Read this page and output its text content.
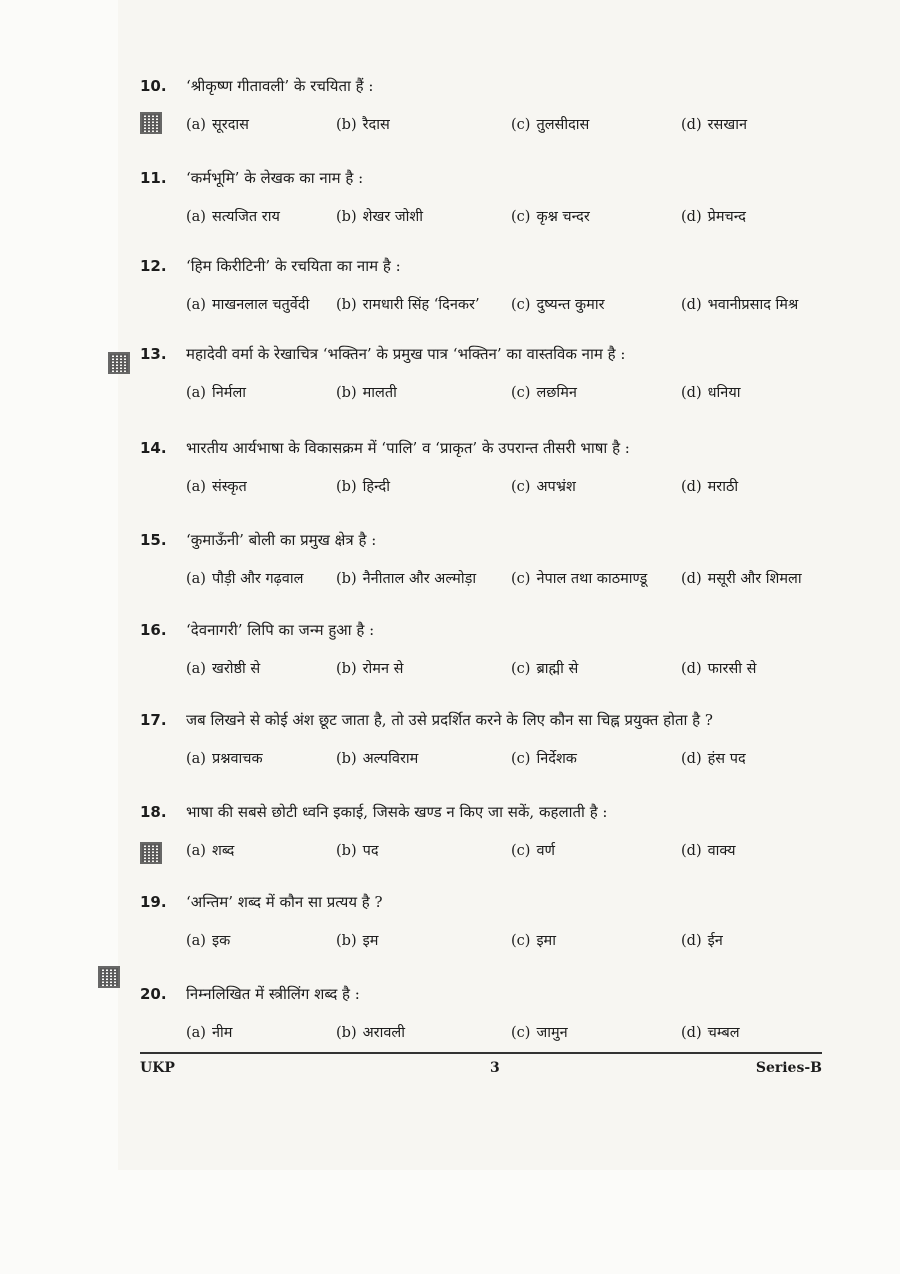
10.	‘श्रीकृष्ण गीतावली’ के रचयिता हैं :
(a) सूरदास	(b) रैदास	(c) तुलसीदास	(d) रसखान
11.	‘कर्मभूमि’ के लेखक का नाम है :
(a) सत्यजित राय	(b) शेखर जोशी	(c) कृश्न चन्दर	(d) प्रेमचन्द
12.	‘हिम किरीटिनी’ के रचयिता का नाम है :
(a) माखनलाल चतुर्वेदी (b) रामधारी सिंह ‘दिनकर’ (c) दुष्यन्त कुमार	(d) भवानीप्रसाद मिश्र
13.	महादेवी वर्मा के रेखाचित्र ‘भक्तिन’ के प्रमुख पात्र ‘भक्तिन’ का वास्तविक नाम है :
(a) निर्मला	(b) मालती	(c) लछमिन	(d) धनिया
14.	भारतीय आर्यभाषा के विकासक्रम में ‘पालि’ व ‘प्राकृत’ के उपरान्त तीसरी भाषा है :
(a) संस्कृत	(b) हिन्दी	(c) अपभ्रंश	(d) मराठी
15.	‘कुमाऊँनी’ बोली का प्रमुख क्षेत्र है :
(a) पौड़ी और गढ़वाल (b) नैनीताल और अल्मोड़ा (c) नेपाल तथा काठमाण्डू (d) मसूरी और शिमला
16.	‘देवनागरी’ लिपि का जन्म हुआ है :
(a) खरोष्ठी से	(b) रोमन से	(c) ब्राह्मी से	(d) फारसी से
17.	जब लिखने से कोई अंश छूट जाता है, तो उसे प्रदर्शित करने के लिए कौन सा चिह्न प्रयुक्त होता है ?
(a) प्रश्नवाचक	(b) अल्पविराम	(c) निर्देशक	(d) हंस पद
18.	भाषा की सबसे छोटी ध्वनि इकाई, जिसके खण्ड न किए जा सकें, कहलाती है :
(a) शब्द	(b) पद	(c) वर्ण	(d) वाक्य
19.	‘अन्तिम’ शब्द में कौन सा प्रत्यय है ?
(a) इक	(b) इम	(c) इमा	(d) ईन
20.	निम्नलिखित में स्त्रीलिंग शब्द है :
(a) नीम	(b) अरावली	(c) जामुन	(d) चम्बल
UKP	3	Series-B
